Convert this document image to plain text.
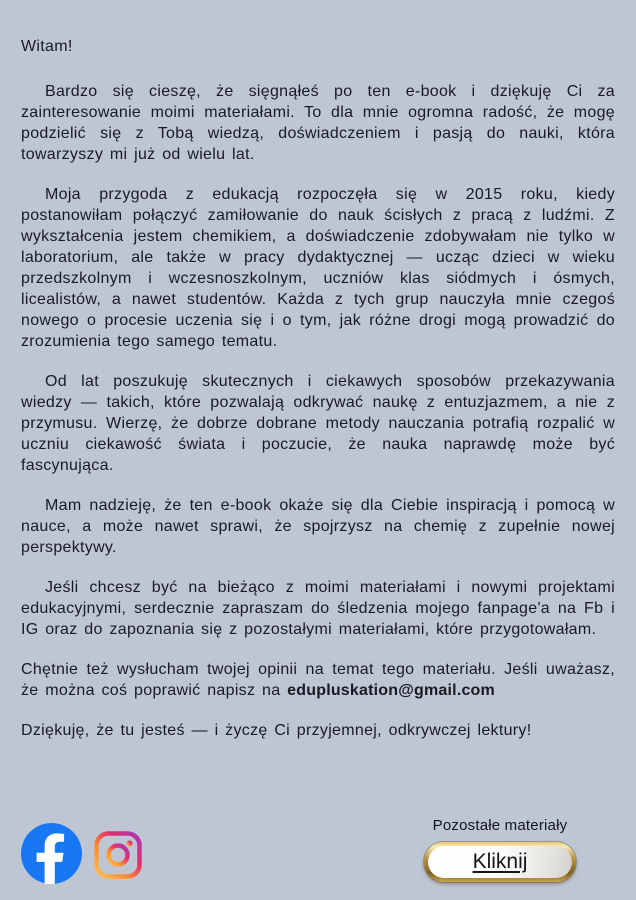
Witam!

Bardzo się cieszę, że sięgnąłeś po ten e-book i dziękuję Ci za zainteresowanie moimi materiałami. To dla mnie ogromna radość, że mogę podzielić się z Tobą wiedzą, doświadczeniem i pasją do nauki, która towarzyszy mi już od wielu lat.

Moja przygoda z edukacją rozpoczęła się w 2015 roku, kiedy postanowiłam połączyć zamiłowanie do nauk ścisłych z pracą z ludźmi. Z wykształcenia jestem chemikiem, a doświadczenie zdobywałam nie tylko w laboratorium, ale także w pracy dydaktycznej — ucząc dzieci w wieku przedszkolnym i wczesnoszkolnym, uczniów klas siódmych i ósmych, licealistów, a nawet studentów. Każda z tych grup nauczyła mnie czegoś nowego o procesie uczenia się i o tym, jak różne drogi mogą prowadzić do zrozumienia tego samego tematu.

Od lat poszukuję skutecznych i ciekawych sposobów przekazywania wiedzy — takich, które pozwalają odkrywać naukę z entuzjazmem, a nie z przymusu. Wierzę, że dobrze dobrane metody nauczania potrafią rozpalić w uczniu ciekawość świata i poczucie, że nauka naprawdę może być fascynująca.

Mam nadzieję, że ten e-book okaże się dla Ciebie inspiracją i pomocą w nauce, a może nawet sprawi, że spojrzysz na chemię z zupełnie nowej perspektywy.

Jeśli chcesz być na bieżąco z moimi materiałami i nowymi projektami edukacyjnymi, serdecznie zapraszam do śledzenia mojego fanpage'a na Fb i IG oraz do zapoznania się z pozostałymi materiałami, które przygotowałam.

Chętnie też wysłucham twojej opinii na temat tego materiału. Jeśli uważasz, że można coś poprawić napisz na edupluskation@gmail.com

Dziękuję, że tu jesteś — i życzę Ci przyjemnej, odkrywczej lektury!

Pozostałe materiały
Kliknij
